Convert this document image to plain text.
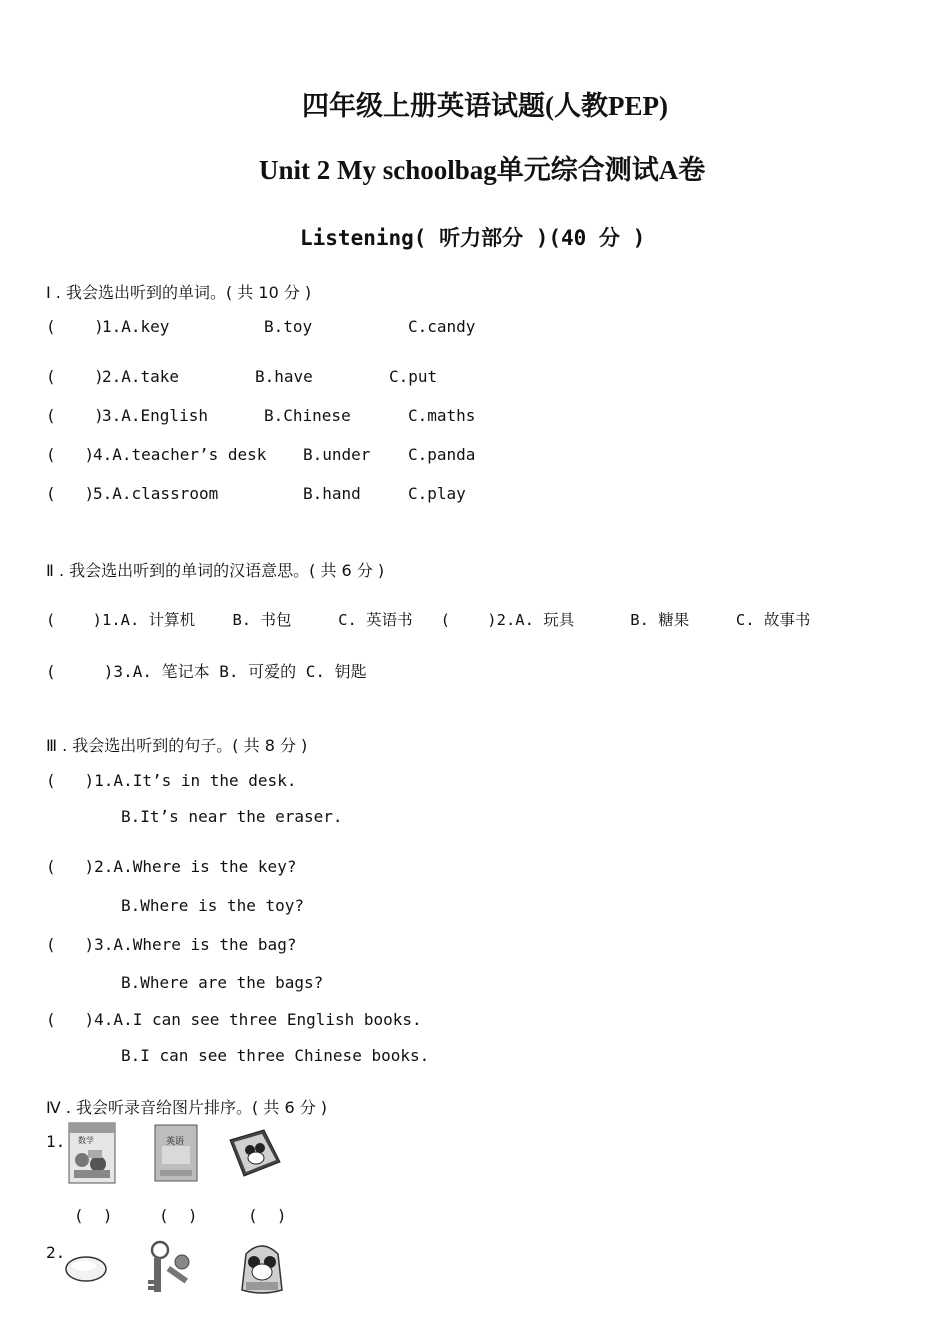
四年级上册英语试题(人教PEP)
Unit 2 My schoolbag单元综合测试A卷
Listening( 听力部分 )(40 分 )
Ⅰ . 我会选出听到的单词。( 共 10 分 )
(    )
1.A.key	B.toy	C.candy
(    )
2.A.take	B.have	C.put
(    )
3.A.English	B.Chinese	C.maths
(   )
4.A.teacher’s desk B.under C.panda
(   )
5.A.classroom	B.hand	C.play
Ⅱ . 我会选出听到的单词的汉语意思。( 共 6 分 )
(    )1.A. 计算机    B. 书包     C. 英语书   (    )2.A. 玩具      B. 糖果     C. 故事书
(     )3.A. 笔记本 B. 可爱的 C. 钥匙
Ⅲ . 我会选出听到的句子。( 共 8 分 )
(   )1.A.It’s in the desk.
B.It’s near the eraser.
(   )2.A.Where is the key?
B.Where is the toy?
(   )3.A.Where is the bag?
B.Where are the bags?
(   )4.A.I can see three English books.
B.I can see three Chinese books.
Ⅳ . 我会听录音给图片排序。( 共 6 分 )
1. 数学	英语
(  )	(  )	(  )
2.
